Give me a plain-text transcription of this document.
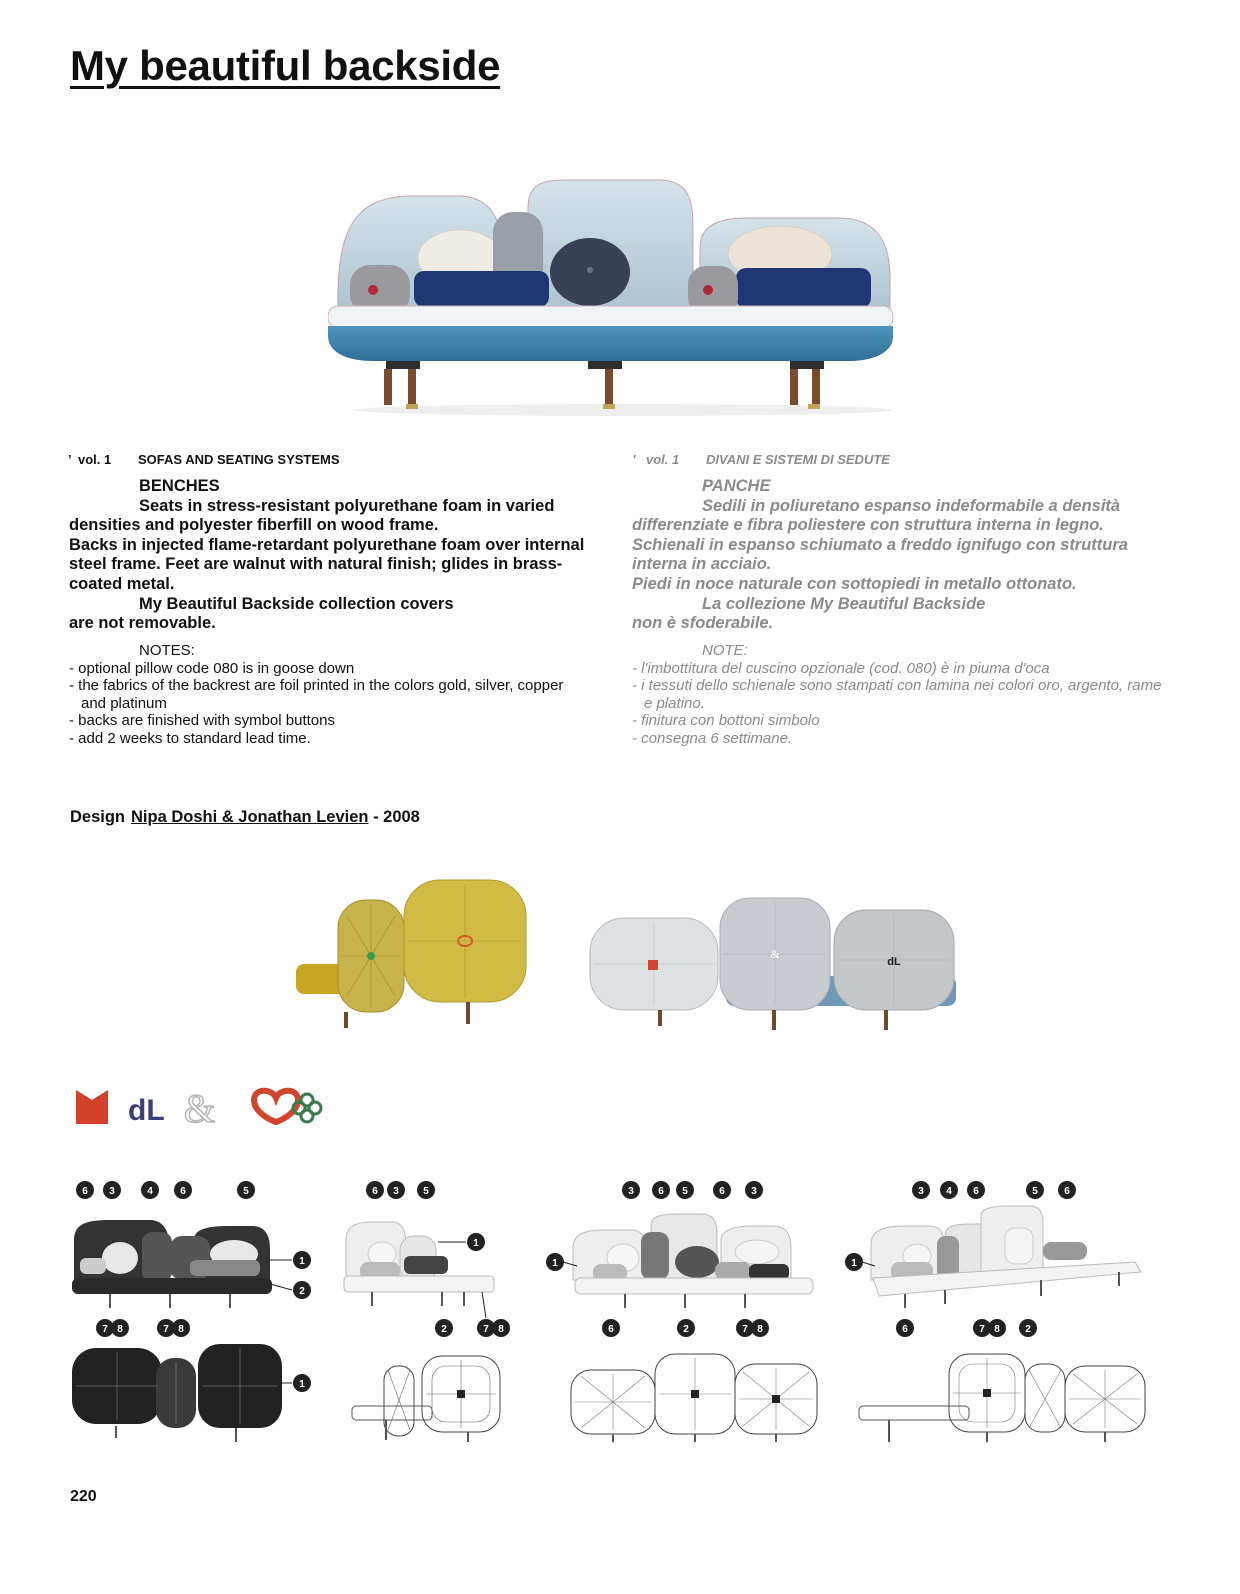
My beautiful backside
’ vol. 1 SOFAS AND SEATING SYSTEMS
BENCHES
Seats in stress-resistant polyurethane foam in varied
densities and polyester fiberfill on wood frame.
Backs in injected flame-retardant polyurethane foam over internal steel frame. Feet are walnut with natural finish; glides in brass-coated metal.
My Beautiful Backside collection covers
are not removable.
NOTES:
- optional pillow code 080 is in goose down
- the fabrics of the backrest are foil printed in the colors gold, silver, copper and platinum
- backs are finished with symbol buttons
- add 2 weeks to standard lead time.
’ vol. 1 DIVANI E SISTEMI DI SEDUTE
PANCHE
Sedili in poliuretano espanso indeformabile a densità
differenziate e fibra poliestere con struttura interna in legno.
Schienali in espanso schiumato a freddo ignifugo con struttura interna in acciaio.
Piedi in noce naturale con sottopiedi in metallo ottonato.
La collezione My Beautiful Backside
non è sfoderabile.
NOTE:
- l'imbottitura del cuscino opzionale (cod. 080) è in piuma d'oca
- i tessuti dello schienale sono stampati con lamina nei colori oro, argento, rame e platino.
- finitura con bottoni simbolo
- consegna 6 settimane.
Design Nipa Doshi & Jonathan Levien - 2008
&
dL
dL &
6 3	4	6	5
1
2
7 8	7 8
1
6 3 5
1
2	7 8
3 6 5	6	3
1
6	2	7 8
3 4 6	5	6
1
6	7 8	2
220
